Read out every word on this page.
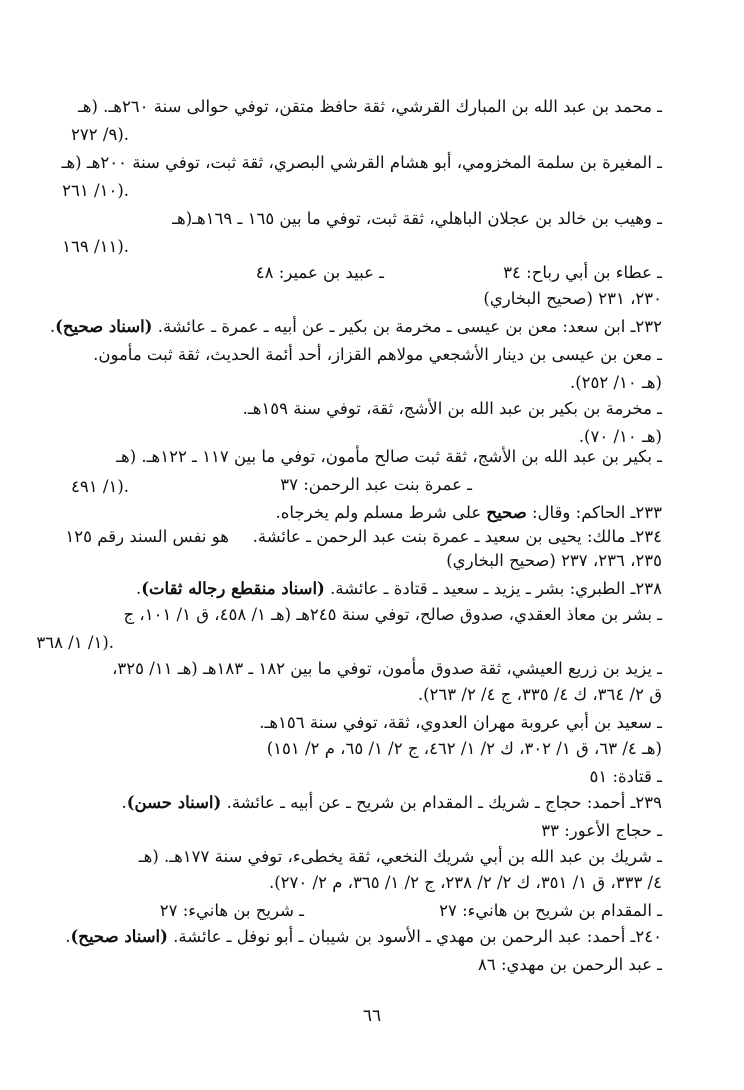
ـ محمد بن عبد الله بن المبارك القرشي، ثقة حافظ متقن، توفي حوالى سنة ٢٦٠هـ. (هـ
٩/ ٢٧٢).
ـ المغيرة بن سلمة المخزومي، أبو هشام القرشي البصري، ثقة ثبت، توفي سنة ٢٠٠هـ (هـ
١٠/ ٢٦١).
ـ وهيب بن خالد بن عجلان الباهلي، ثقة ثبت، توفي ما بين ١٦٥ ـ ١٦٩هـ(هـ
١١/ ١٦٩).
ـ عطاء بن أبي رباح: ٣٤
ـ عبيد بن عمير: ٤٨
٢٣٠، ٢٣١ (صحيح البخاري)
٢٣٢ـ ابن سعد: معن بن عيسى ـ مخرمة بن بكير ـ عن أبيه ـ عمرة ـ عائشة. (اسناد صحيح).
ـ معن بن عيسى بن دينار الأشجعي مولاهم القزاز، أحد أئمة الحديث، ثقة ثبت مأمون.
(هـ ١٠/ ٢٥٢).
ـ مخرمة بن بكير بن عبد الله بن الأشج، ثقة، توفي سنة ١٥٩هـ.
(هـ ١٠/ ٧٠).
ـ بكير بن عبد الله بن الأشج، ثقة ثبت صالح مأمون، توفي ما بين ١١٧ ـ ١٢٢هـ. (هـ
١/ ٤٩١).	ـ عمرة بنت عبد الرحمن: ٣٧
٢٣٣ـ الحاكم: وقال: صحيح على شرط مسلم ولم يخرجاه.
٢٣٤ـ مالك: يحيى بن سعيد ـ عمرة بنت عبد الرحمن ـ عائشة.
هو نفس السند رقم ١٢٥
٢٣٥، ٢٣٦، ٢٣٧ (صحيح البخاري)
٢٣٨ـ الطبري: بشر ـ يزيد ـ سعيد ـ قتادة ـ عائشة. (اسناد منقطع رجاله ثقات).
ـ بشر بن معاذ العقدي، صدوق صالح، توفي سنة ٢٤٥هـ (هـ ١/ ٤٥٨، ق ١/ ١٠١، ج
١/ ١/ ٣٦٨).
ـ يزيد بن زريع العيشي، ثقة صدوق مأمون، توفي ما بين ١٨٢ ـ ١٨٣هـ (هـ ١١/ ٣٢٥،
ق ٢/ ٣٦٤، ك ٤/ ٣٣٥، ج ٤/ ٢/ ٢٦٣).
ـ سعيد بن أبي عروبة مهران العدوي، ثقة، توفي سنة ١٥٦هـ.
(هـ ٤/ ٦٣، ق ١/ ٣٠٢، ك ٢/ ١/ ٤٦٢، ج ٢/ ١/ ٦٥، م ٢/ ١٥١)
ـ قتادة: ٥١
٢٣٩ـ أحمد: حجاج ـ شريك ـ المقدام بن شريح ـ عن أبيه ـ عائشة. (اسناد حسن).
ـ حجاج الأعور: ٣٣
ـ شريك بن عبد الله بن أبي شريك النخعي، ثقة يخطىء، توفي سنة ١٧٧هـ. (هـ
٤/ ٣٣٣، ق ١/ ٣٥١، ك ٢/ ٢/ ٢٣٨، ج ٢/ ١/ ٣٦٥، م ٢/ ٢٧٠).
ـ المقدام بن شريح بن هانيء: ٢٧
ـ شريح بن هانيء: ٢٧
٢٤٠ـ أحمد: عبد الرحمن بن مهدي ـ الأسود بن شيبان ـ أبو نوفل ـ عائشة. (اسناد صحيح).
ـ عبد الرحمن بن مهدي: ٨٦
٦٦
